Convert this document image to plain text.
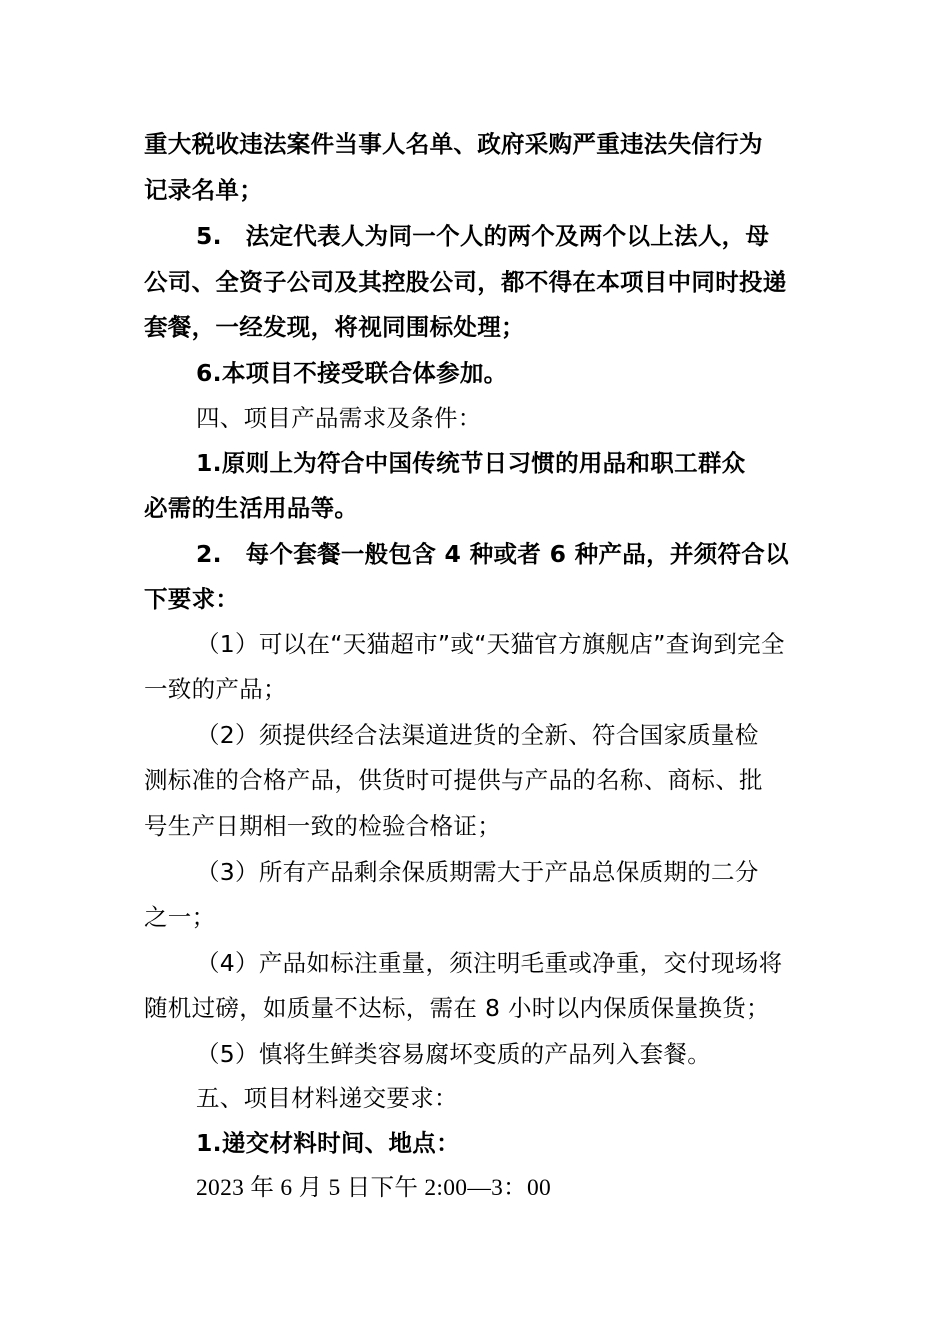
重大税收违法案件当事人名单、政府采购严重违法失信行为
记录名单；
5.　法定代表人为同一个人的两个及两个以上法人，母
公司、全资子公司及其控股公司，都不得在本项目中同时投递
套餐，一经发现，将视同围标处理；
6.本项目不接受联合体参加。
四、项目产品需求及条件：
1.原则上为符合中国传统节日习惯的用品和职工群众
必需的生活用品等。
2.　每个套餐一般包含 4 种或者 6 种产品，并须符合以
下要求：
（1）可以在“天猫超市”或“天猫官方旗舰店”查询到完全
一致的产品；
（2）须提供经合法渠道进货的全新、符合国家质量检
测标准的合格产品，供货时可提供与产品的名称、商标、批
号生产日期相一致的检验合格证；
（3）所有产品剩余保质期需大于产品总保质期的二分
之一；
（4）产品如标注重量，须注明毛重或净重，交付现场将
随机过磅，如质量不达标，需在 8 小时以内保质保量换货；
（5）慎将生鲜类容易腐坏变质的产品列入套餐。
五、项目材料递交要求：
1.递交材料时间、地点：
2023 年 6 月 5 日下午 2:00—3：00
